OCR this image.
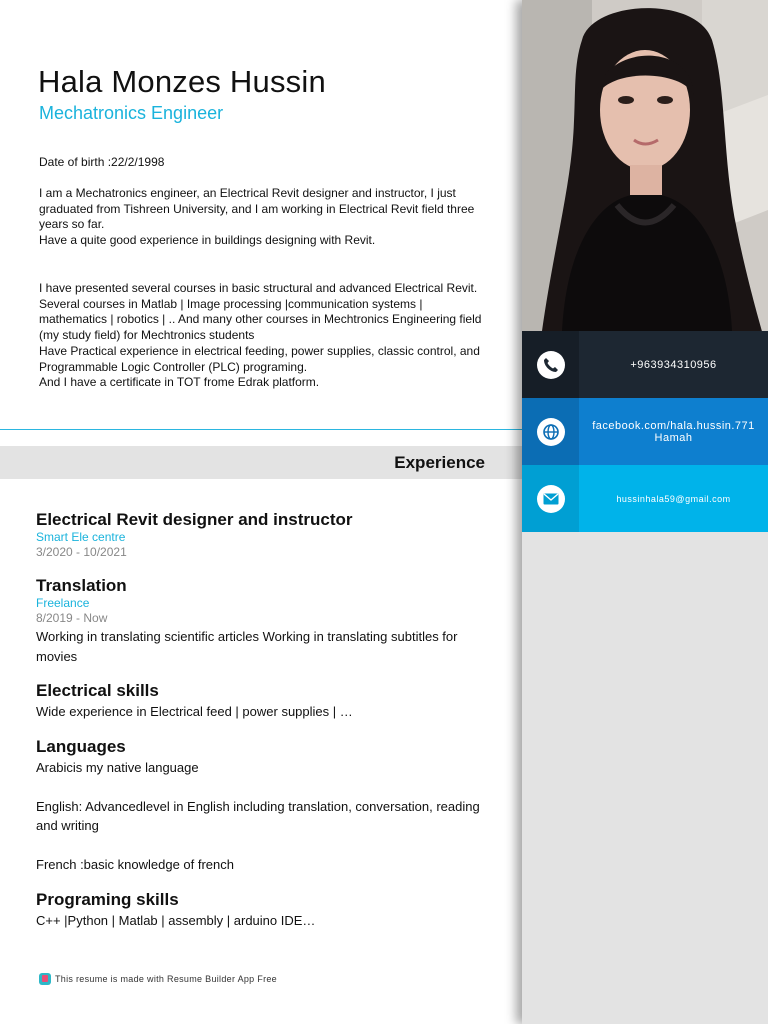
Hala Monzes Hussin
Mechatronics Engineer
Date of birth :22/2/1998

I am a Mechatronics engineer, an Electrical Revit designer and instructor, I just graduated from Tishreen University, and I am working in Electrical Revit field three years so far.

Have a quite good experience in buildings designing with Revit.

I have presented several courses in basic structural and advanced Electrical Revit. Several courses in Matlab | Image processing |communication systems | mathematics | robotics | .. And many other courses in Mechtronics Engineering field (my study field) for Mechtronics students

Have Practical experience in electrical feeding, power supplies, classic control, and Programmable Logic Controller (PLC) programing.

And I have a certificate in TOT frome Edrak platform.

Experience
Electrical Revit designer and instructor
Smart Ele centre
3/2020 - 10/2021
Translation
Freelance
8/2019 - Now
Working in translating scientific articles Working in translating subtitles for movies
Electrical skills
Wide experience in Electrical feed | power supplies | …
Languages

Arabicis my native language

English: Advancedlevel in English including translation, conversation, reading and writing

French :basic knowledge of french

Programing skills
C++ |Python | Matlab | assembly | arduino IDE…
This resume is made with Resume Builder App Free
+963934310956
facebook.com/hala.hussin.771
Hamah
hussinhala59@gmail.com
